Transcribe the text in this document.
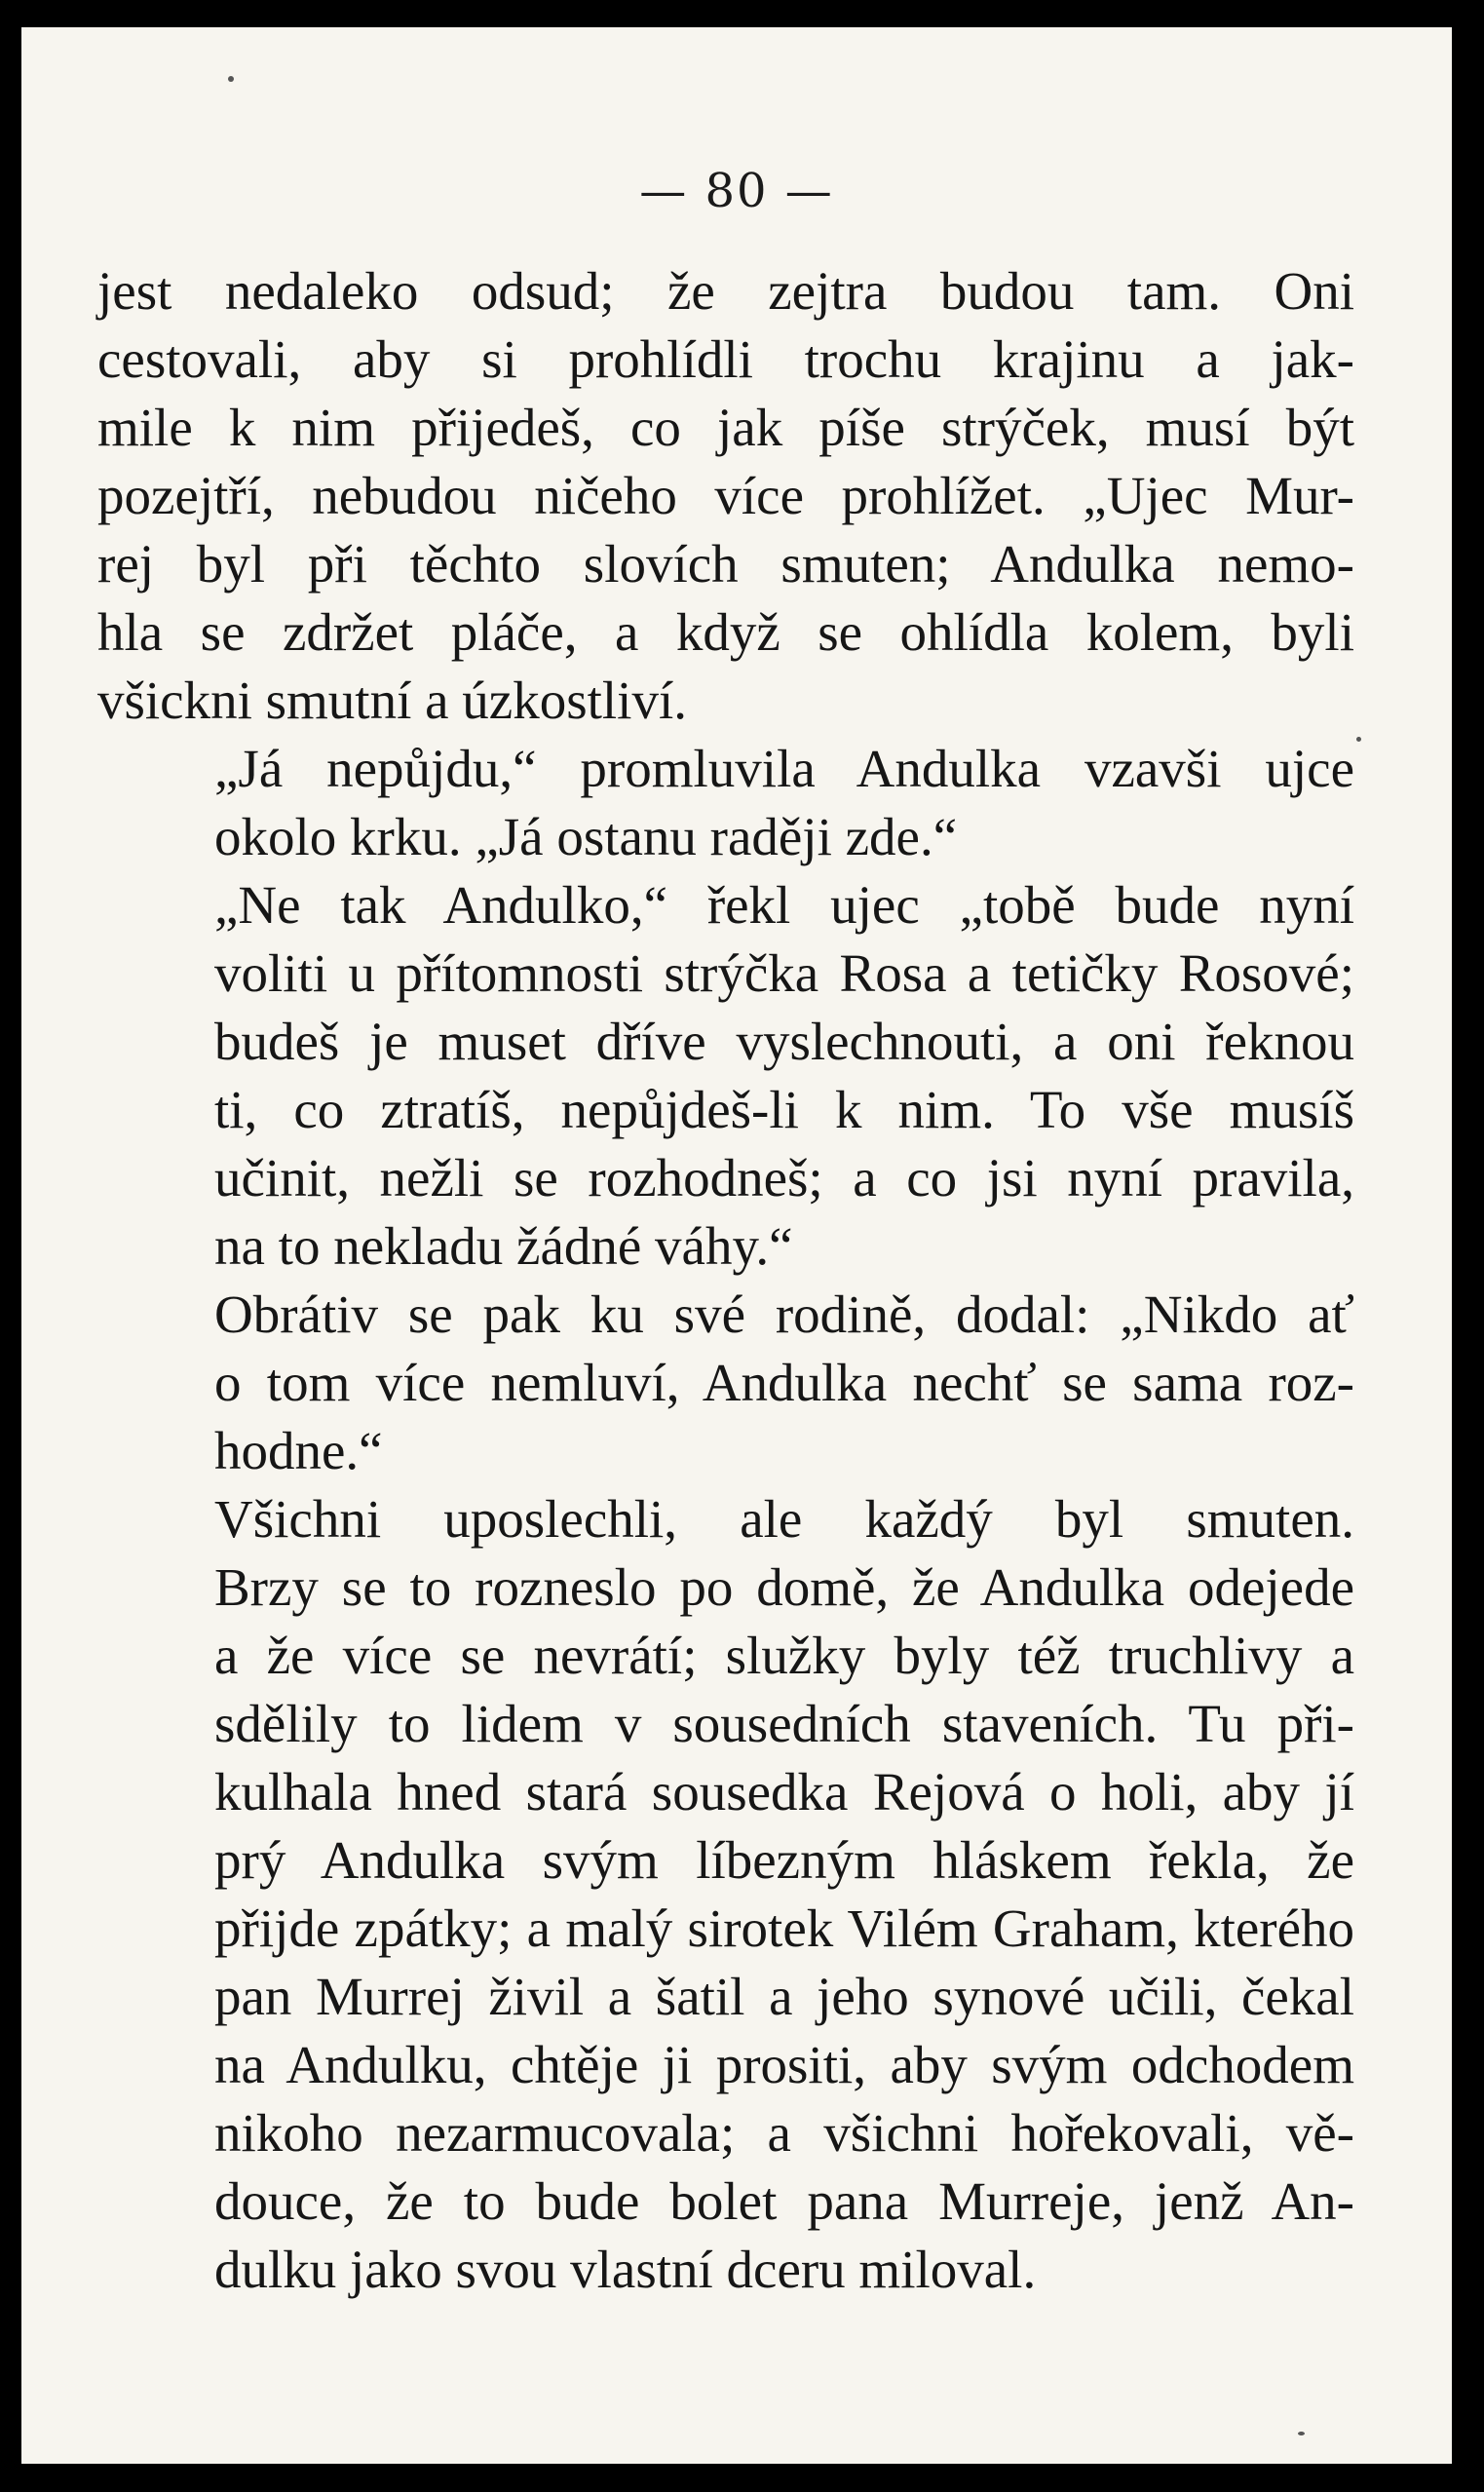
— 80 —

jest nedaleko odsud; že zejtra budou tam. Oni

cestovali, aby si prohlídli trochu krajinu a jak-

mile k nim přijedeš, co jak píše strýček, musí být

pozejtří, nebudou ničeho více prohlížet. „Ujec Mur-

rej byl při těchto slovích smuten; Andulka nemo-

hla se zdržet pláče, a když se ohlídla kolem, byli

všickni smutní a úzkostliví.

„Já nepůjdu,“ promluvila Andulka vzavši ujce

okolo krku. „Já ostanu raději zde.“

„Ne tak Andulko,“ řekl ujec „tobě bude nyní

voliti u přítomnosti strýčka Rosa a tetičky Rosové;

budeš je muset dříve vyslechnouti, a oni řeknou

ti, co ztratíš, nepůjdeš-li k nim. To vše musíš

učinit, nežli se rozhodneš; a co jsi nyní pravila,

na to nekladu žádné váhy.“

Obrátiv se pak ku své rodině, dodal: „Nikdo ať

o tom více nemluví, Andulka nechť se sama roz-

hodne.“

Všichni uposlechli, ale každý byl smuten.

Brzy se to rozneslo po domě, že Andulka odejede

a že více se nevrátí; služky byly též truchlivy a

sdělily to lidem v sousedních staveních. Tu při-

kulhala hned stará sousedka Rejová o holi, aby jí

prý Andulka svým líbezným hláskem řekla, že

přijde zpátky; a malý sirotek Vilém Graham, kterého

pan Murrej živil a šatil a jeho synové učili, čekal

na Andulku, chtěje ji prositi, aby svým odchodem

nikoho nezarmucovala; a všichni hořekovali, vě-

douce, že to bude bolet pana Murreje, jenž An-

dulku jako svou vlastní dceru miloval.
